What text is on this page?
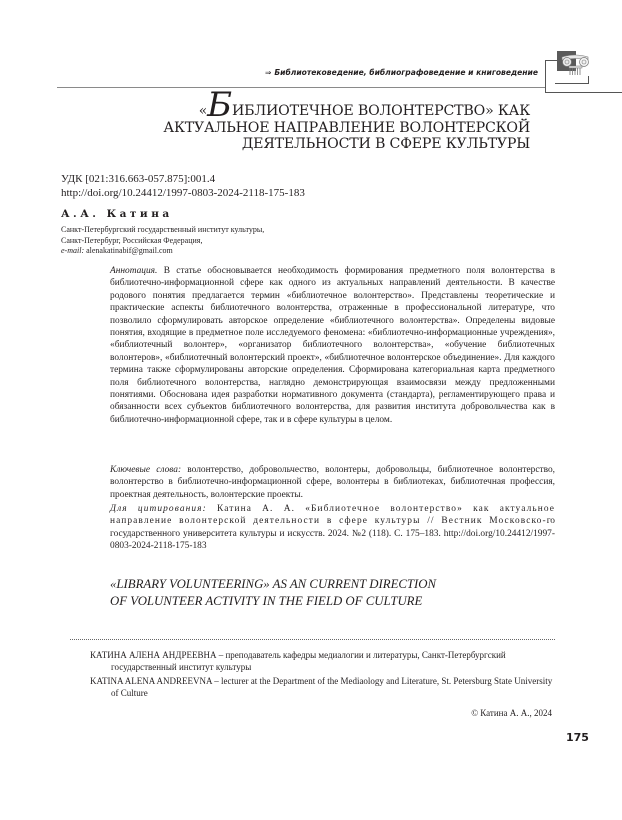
⇒ Библиотековедение, библиографоведение и книговедение
«БИБЛИОТЕЧНОЕ ВОЛОНТЕРСТВО» КАК
АКТУАЛЬНОЕ НАПРАВЛЕНИЕ ВОЛОНТЕРСКОЙ
ДЕЯТЕЛЬНОСТИ В СФЕРЕ КУЛЬТУРЫ
УДК [021:316.663-057.875]:001.4
http://doi.org/10.24412/1997-0803-2024-2118-175-183
А.А. Катина
Санкт-Петербургский государственный институт культуры,
Санкт-Петербург, Российская Федерация,
e-mail: alenakatinabif@gmail.com
Аннотация. В статье обосновывается необходимость формирования предметного поля волонтерства в библиотечно-информационной сфере как одного из актуальных направлений деятельности. В качестве родового понятия предлагается термин «библиотечное волонтерство». Представлены теоретические и практические аспекты библиотечного волонтерства, отраженные в профессиональной литературе, что позволило сформулировать авторское определение «библиотечного волонтерства». Определены видовые понятия, входящие в предметное поле исследуемого феномена: «библиотечно-информационные учреждения», «библиотечный волонтер», «организатор библиотечного волонтерства», «обучение библиотечных волонтеров», «библиотечный волонтерский проект», «библиотечное волонтерское объединение». Для каждого термина также сформулированы авторские определения. Сформирована категориальная карта предметного поля библиотечного волонтерства, наглядно демонстрирующая взаимосвязи между предложенными понятиями. Обоснована идея разработки нормативного документа (стандарта), регламентирующего права и обязанности всех субъектов библиотечного волонтерства, для развития института добровольчества как в библиотечно-информационной сфере, так и в сфере культуры в целом.
Ключевые слова: волонтерство, добровольчество, волонтеры, добровольцы, библиотечное волонтерство, волонтерство в библиотечно-информационной сфере, волонтеры в библиотеках, библиотечная профессия, проектная деятельность, волонтерские проекты.
Для цитирования: Катина А. А. «Библиотечное волонтерство» как актуальное направление волонтерской деятельности в сфере культуры // Вестник Московско-го государственного университета культуры и искусств. 2024. №2 (118). С. 175–183. http://doi.org/10.24412/1997-0803-2024-2118-175-183
«LIBRARY VOLUNTEERING» AS AN CURRENT DIRECTION
OF VOLUNTEER ACTIVITY IN THE FIELD OF CULTURE
КАТИНА АЛЕНА АНДРЕЕВНА – преподаватель кафедры медиалогии и литературы, Санкт-Петербургский государственный институт культуры
KATINA ALENA ANDREEVNA – lecturer at the Department of the Mediaology and Literature, St. Petersburg State University of Culture
© Катина А. А., 2024
175
